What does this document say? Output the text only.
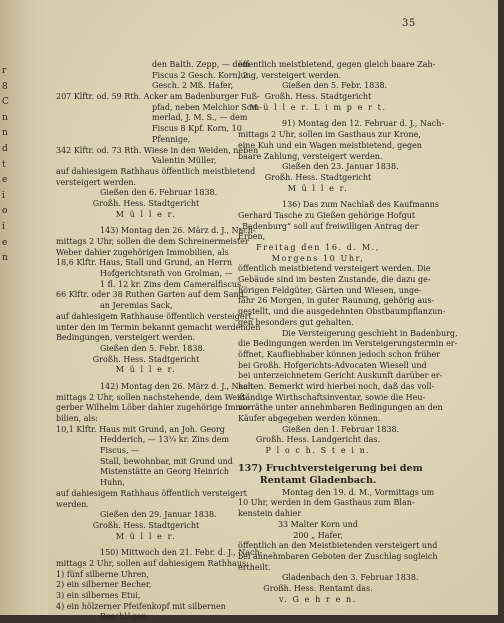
r
8
C
n
n
d
t
e
i
o
i
e
n
35
den Balth. Zepp, — dem
Fiscus 2 Gesch. Korn, 2
Gesch. 2 Mß. Hafer,
207 Klftr. od. 59 Rth. Acker am Badenburger Fuß-
pfad, neben Melchior Som-
merlad, J. M. S., — dem
Fiscus 8 Kpf. Korn, 10
Pfennige,
342 Klftr. od. 73 Rth. Wiese in den Weiden, neben
Valentin Müller,
auf dahiesigem Rathhaus öffentlich meistbietend
versteigert werden.
Gießen den 6. Februar 1838.
Großh. Hess. Stadtgericht
M ü l l e r.
143) Montag den 26. März d. J., Nach-
mittags 2 Uhr, sollen die dem Schreinermeister
Weber dahier zugehörigen Immobilien, als
18,6 Klftr. Haus, Stall und Grund, an Herrn
Hofgerichtsrath von Grolman, —
1 fl. 12 kr. Zins dem Cameralfiscus,
66 Klftr. oder 38 Ruthen Garten auf dem Sand,
an Jeremias Sack,
auf dahiesigem Rathhause öffentlich versteigert,
unter den im Termin bekannt gemacht werdenden
Bedingungen, versteigert werden.
Gießen den 5. Febr. 1838.
Großh. Hess. Stadtgericht
M ü l l e r.
142) Montag den 26. März d. J., Nach-
mittags 2 Uhr, sollen nachstehende, dem Weiß-
gerber Wilhelm Löber dahier zugehörige Immo-
bilien, als:
10,1 Klftr. Haus mit Grund, an Joh. Georg
Hedderich, — 13¼ kr. Zins dem
Fiscus, —
Stall, bewohnbar, mit Grund und
Mistenstätte an Georg Heinrich
Huhn,
auf dahiesigem Rathhaus öffentlich versteigert
werden.
Gießen den 29. Januar 1838.
Großh. Hess. Stadtgericht
M ü l l e r.
150) Mittwoch den 21. Febr. d. J., Nach-
mittags 2 Uhr, sollen auf dahiesigem Rathhaus:
1) fünf silberne Uhren,
2) ein silberner Becher,
3) ein silbernes Etui,
4) ein hölzerner Pfeifenkopf mit silbernen
Beschlägen,
öffentlich meistbietend, gegen gleich baare Zah-
lung, versteigert werden.
Gießen den 5. Febr. 1838.
Großh. Hess. Stadtgericht
M ü l l e r. L i m p e r t.
91) Montag den 12. Februar d. J., Nach-
mittags 2 Uhr, sollen im Gasthaus zur Krone,
eine Kuh und ein Wagen meistbietend, gegen
baare Zahlung, versteigert werden.
Gießen den 23. Januar 1838.
Großh. Hess. Stadtgericht
M ü l l e r.
136) Das zum Nachlaß des Kaufmanns
Gerhard Tasche zu Gießen gehörige Hofgut
„Badenburg“ soll auf freiwilligen Antrag der
Erben,
Freitag den 16. d. M.,
Morgens 10 Uhr,
öffentlich meistbietend versteigert werden. Die
Gebäude sind im besten Zustande, die dazu ge-
hörigen Feldgüter, Gärten und Wiesen, unge-
fähr 26 Morgen, in guter Raunung, gehörig aus-
gestellt, und die ausgedehnten Obstbaumpflanzun-
gen besonders gut gehalten.
Die Versteigerung geschieht in Badenburg,
die Bedingungen werden im Versteigerungstermin er-
öffnet, Kaufliebhaber können jedoch schon früher
bei Großh. Hofgerichts-Advocaten Wiesell und
bei unterzeichnetem Gericht Auskunft darüber er-
halten. Bemerkt wird hierbei noch, daß das voll-
ständige Wirthschaftsinventar, sowie die Heu-
vorräthe unter annehmbaren Bedingungen an den
Käufer abgegeben werden können.
Gießen den 1. Februar 1838.
Großh. Hess. Landgericht das.
P l o c h. S t e i n.
137) Fruchtversteigerung bei dem
Rentamt Gladenbach.
Montag den 19. d. M., Vormittags um
10 Uhr, werden in dem Gasthaus zum Blan-
kenstein dahier
33 Malter Korn und
200 „ Hafer,
öffentlich an den Meistbietenden versteigert und
bei annehmbaren Geboten der Zuschlag sogleich
ertheilt.
Gladenbach den 3. Februar 1838.
Großh. Hess. Rentamt das.
v. G e h r e n.
